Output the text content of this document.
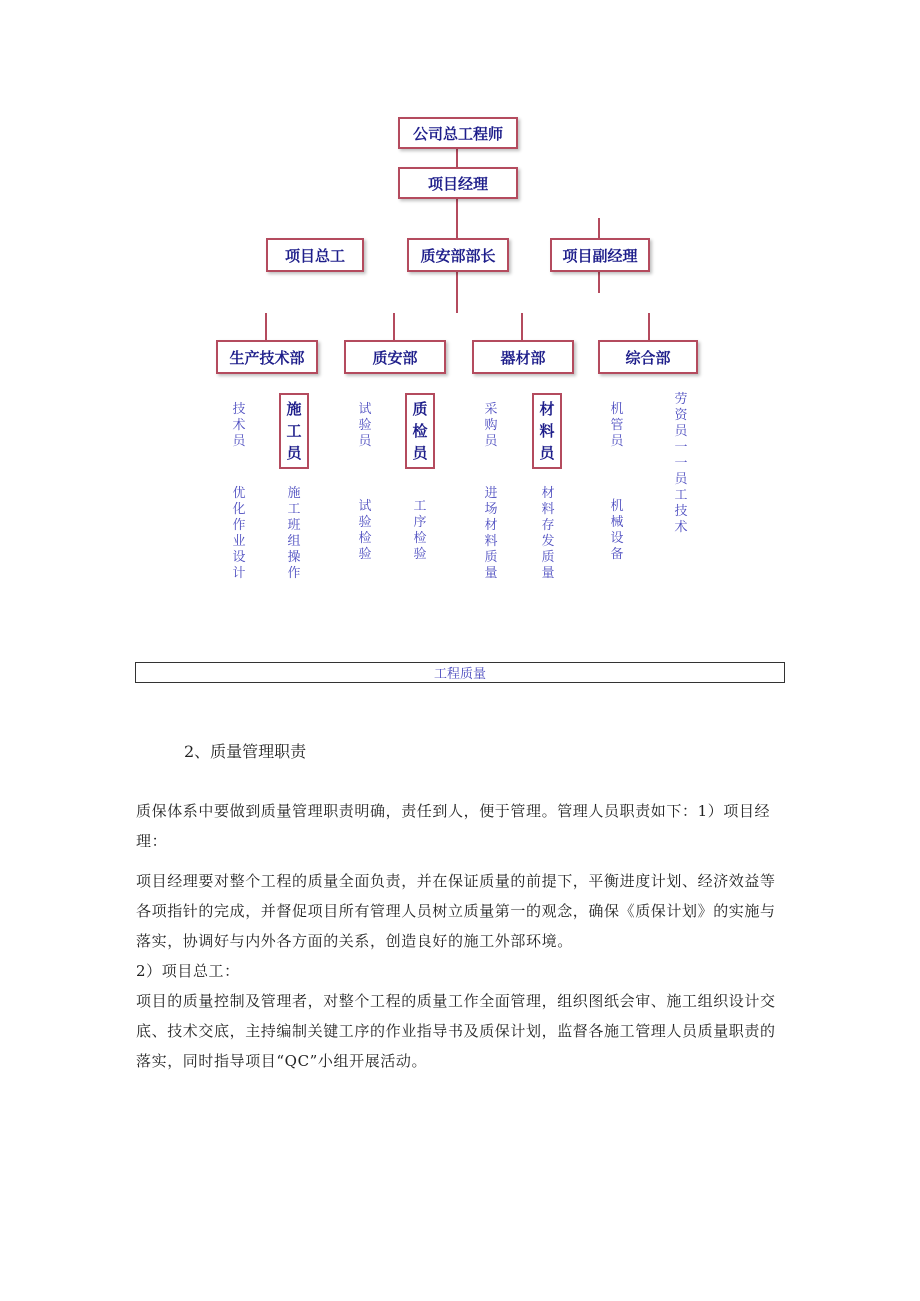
公司总工程师
项目经理
项目总工	质安部部长	项目副经理
生产技术部	质安部	器材部	综合部
技术员
施工员
优化作业设计
施工班组操作
试验员
质检员
试验检验
工序检验
采购员
材料员
进场材料质量
材料存发质量
机管员
机械设备
劳资员一一员工技术
工程质量
2、质量管理职责
质保体系中要做到质量管理职责明确，责任到人，便于管理。管理人员职责如下：1）项目经理：
项目经理要对整个工程的质量全面负责，并在保证质量的前提下，平衡进度计划、经济效益等各项指针的完成，并督促项目所有管理人员树立质量第一的观念，确保《质保计划》的实施与落实，协调好与内外各方面的关系，创造良好的施工外部环境。
2）项目总工：
项目的质量控制及管理者，对整个工程的质量工作全面管理，组织图纸会审、施工组织设计交底、技术交底，主持编制关键工序的作业指导书及质保计划，监督各施工管理人员质量职责的落实，同时指导项目“QC”小组开展活动。
